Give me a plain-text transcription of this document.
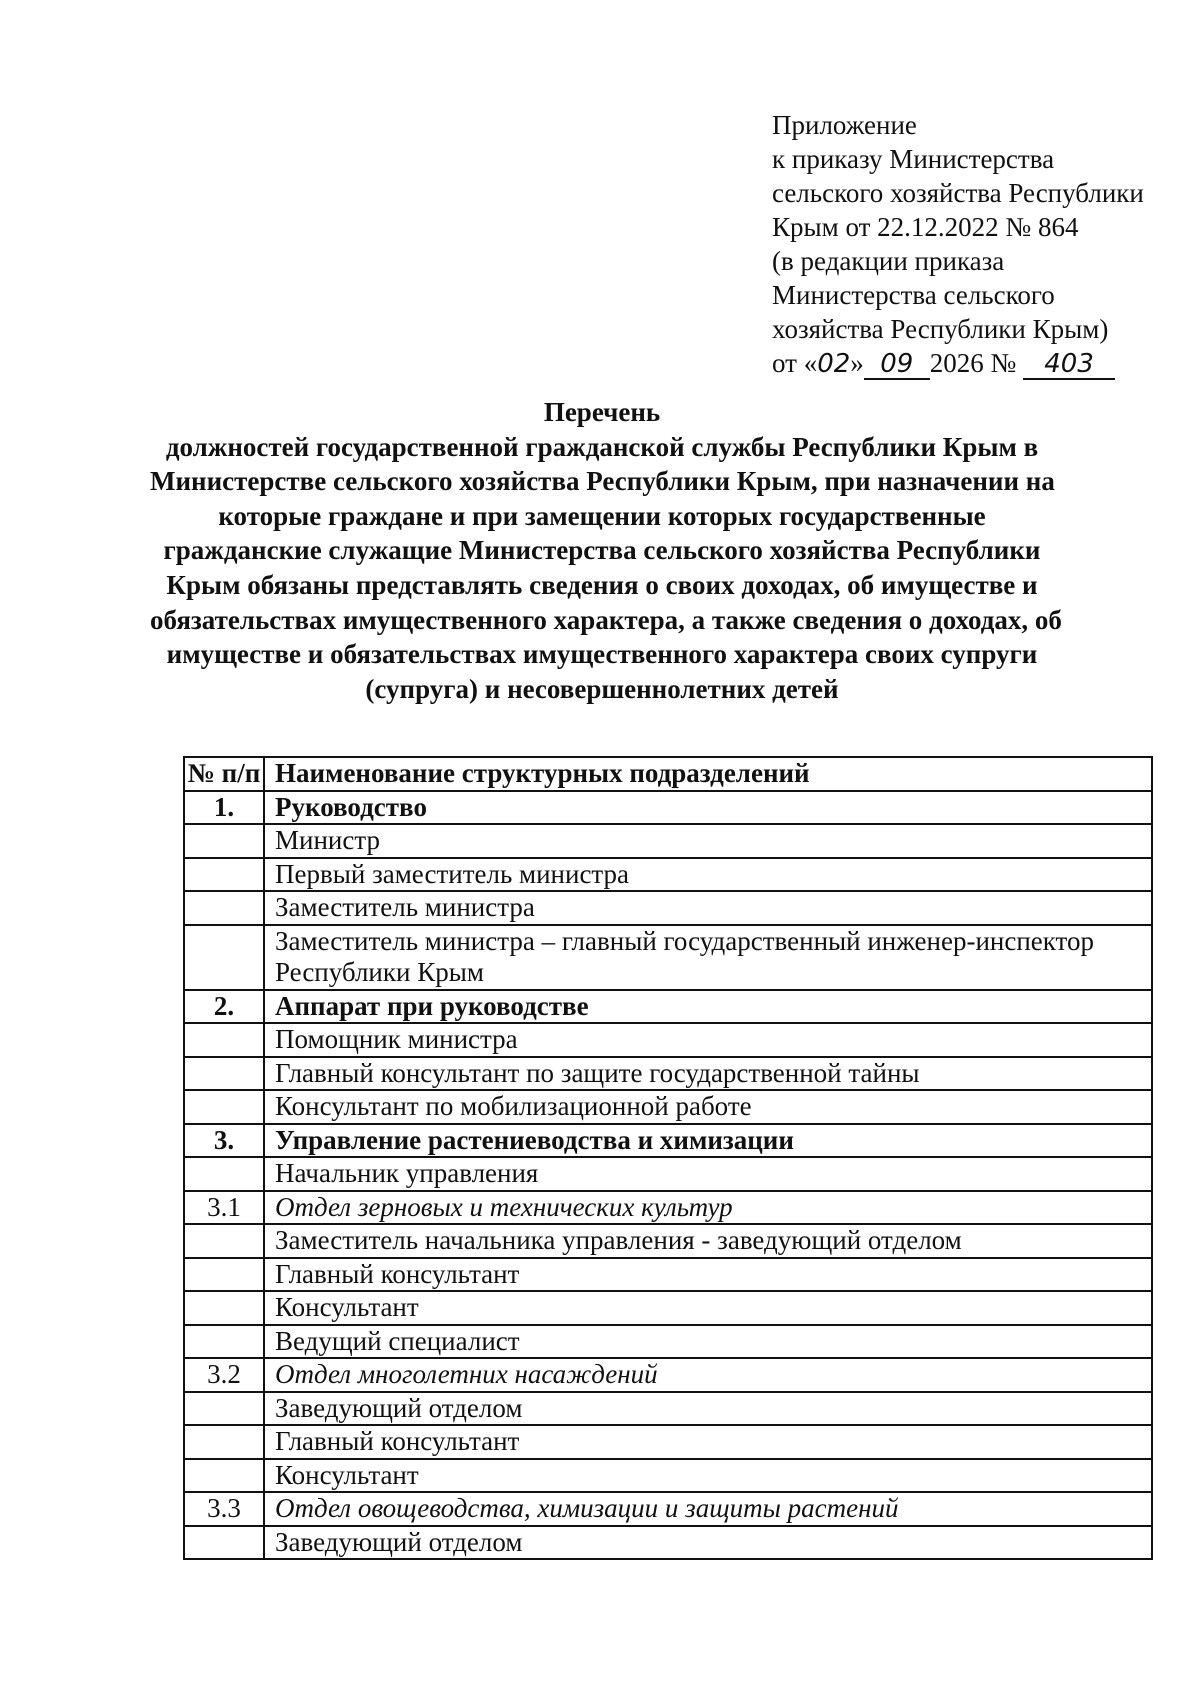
Приложение
к приказу Министерства
сельского хозяйства Республики
Крым от 22.12.2022 № 864
(в редакции приказа
Министерства сельского
хозяйства Республики Крым)
от «02» 09 2026 № 403
Перечень
должностей государственной гражданской службы Республики Крым в
Министерстве сельского хозяйства Республики Крым, при назначении на
которые граждане и при замещении которых государственные
гражданские служащие Министерства сельского хозяйства Республики
Крым обязаны представлять сведения о своих доходах, об имуществе и
обязательствах имущественного характера, а также сведения о доходах, об
имуществе и обязательствах имущественного характера своих супруги
(супруга) и несовершеннолетних детей
№ п/п	Наименование структурных подразделений
1.	Руководство
	Министр
	Первый заместитель министра
	Заместитель министра
	Заместитель министра – главный государственный инженер-инспектор Республики Крым
2.	Аппарат при руководстве
	Помощник министра
	Главный консультант по защите государственной тайны
	Консультант по мобилизационной работе
3.	Управление растениеводства и химизации
	Начальник управления
3.1	Отдел зерновых и технических культур
	Заместитель начальника управления - заведующий отделом
	Главный консультант
	Консультант
	Ведущий специалист
3.2	Отдел многолетних насаждений
	Заведующий отделом
	Главный консультант
	Консультант
3.3	Отдел овощеводства, химизации и защиты растений
	Заведующий отделом
